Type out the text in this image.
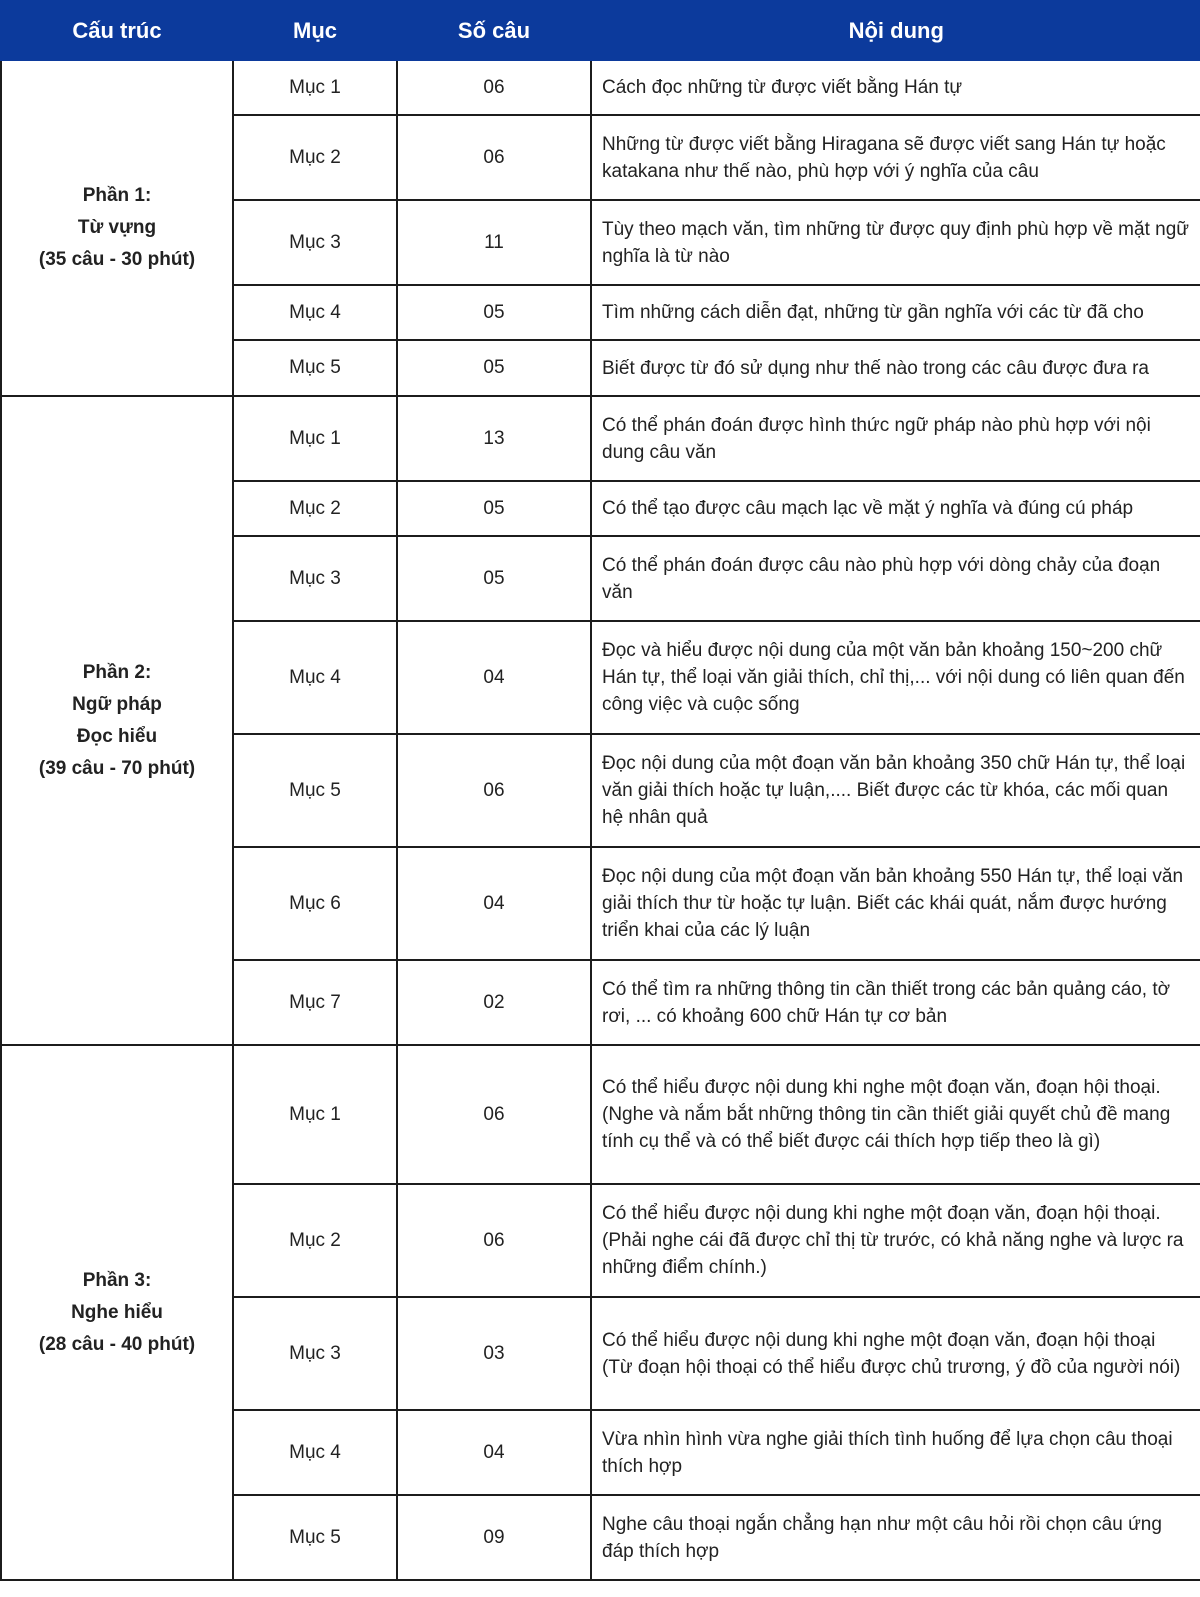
Cấu trúc	Mục	Số câu	Nội dung

Phần 1:
Từ vựng
(35 câu - 30 phút)	Mục 1	06	Cách đọc những từ được viết bằng Hán tự
	Mục 2	06	Những từ được viết bằng Hiragana sẽ được viết sang Hán tự hoặc katakana như thế nào, phù hợp với ý nghĩa của câu
	Mục 3	11	Tùy theo mạch văn, tìm những từ được quy định phù hợp về mặt ngữ nghĩa là từ nào
	Mục 4	05	Tìm những cách diễn đạt, những từ gần nghĩa với các từ đã cho
	Mục 5	05	Biết được từ đó sử dụng như thế nào trong các câu được đưa ra

Phần 2:
Ngữ pháp
Đọc hiểu
(39 câu - 70 phút)	Mục 1	13	Có thể phán đoán được hình thức ngữ pháp nào phù hợp với nội dung câu văn
	Mục 2	05	Có thể tạo được câu mạch lạc về mặt ý nghĩa và đúng cú pháp
	Mục 3	05	Có thể phán đoán được câu nào phù hợp với dòng chảy của đoạn văn
	Mục 4	04	Đọc và hiểu được nội dung của một văn bản khoảng 150~200 chữ Hán tự, thể loại văn giải thích, chỉ thị,... với nội dung có liên quan đến công việc và cuộc sống
	Mục 5	06	Đọc nội dung của một đoạn văn bản khoảng 350 chữ Hán tự, thể loại văn giải thích hoặc tự luận,.... Biết được các từ khóa, các mối quan hệ nhân quả
	Mục 6	04	Đọc nội dung của một đoạn văn bản khoảng 550 Hán tự, thể loại văn giải thích thư từ hoặc tự luận. Biết các khái quát, nắm được hướng triển khai của các lý luận
	Mục 7	02	Có thể tìm ra những thông tin cần thiết trong các bản quảng cáo, tờ rơi, ... có khoảng 600 chữ Hán tự cơ bản

Phần 3:
Nghe hiểu
(28 câu - 40 phút)	Mục 1	06	Có thể hiểu được nội dung khi nghe một đoạn văn, đoạn hội thoại. (Nghe và nắm bắt những thông tin cần thiết giải quyết chủ đề mang tính cụ thể và có thể biết được cái thích hợp tiếp theo là gì)
	Mục 2	06	Có thể hiểu được nội dung khi nghe một đoạn văn, đoạn hội thoại. (Phải nghe cái đã được chỉ thị từ trước, có khả năng nghe và lược ra những điểm chính.)
	Mục 3	03	Có thể hiểu được nội dung khi nghe một đoạn văn, đoạn hội thoại (Từ đoạn hội thoại có thể hiểu được chủ trương, ý đồ của người nói)
	Mục 4	04	Vừa nhìn hình vừa nghe giải thích tình huống để lựa chọn câu thoại thích hợp
	Mục 5	09	Nghe câu thoại ngắn chẳng hạn như một câu hỏi rồi chọn câu ứng đáp thích hợp
